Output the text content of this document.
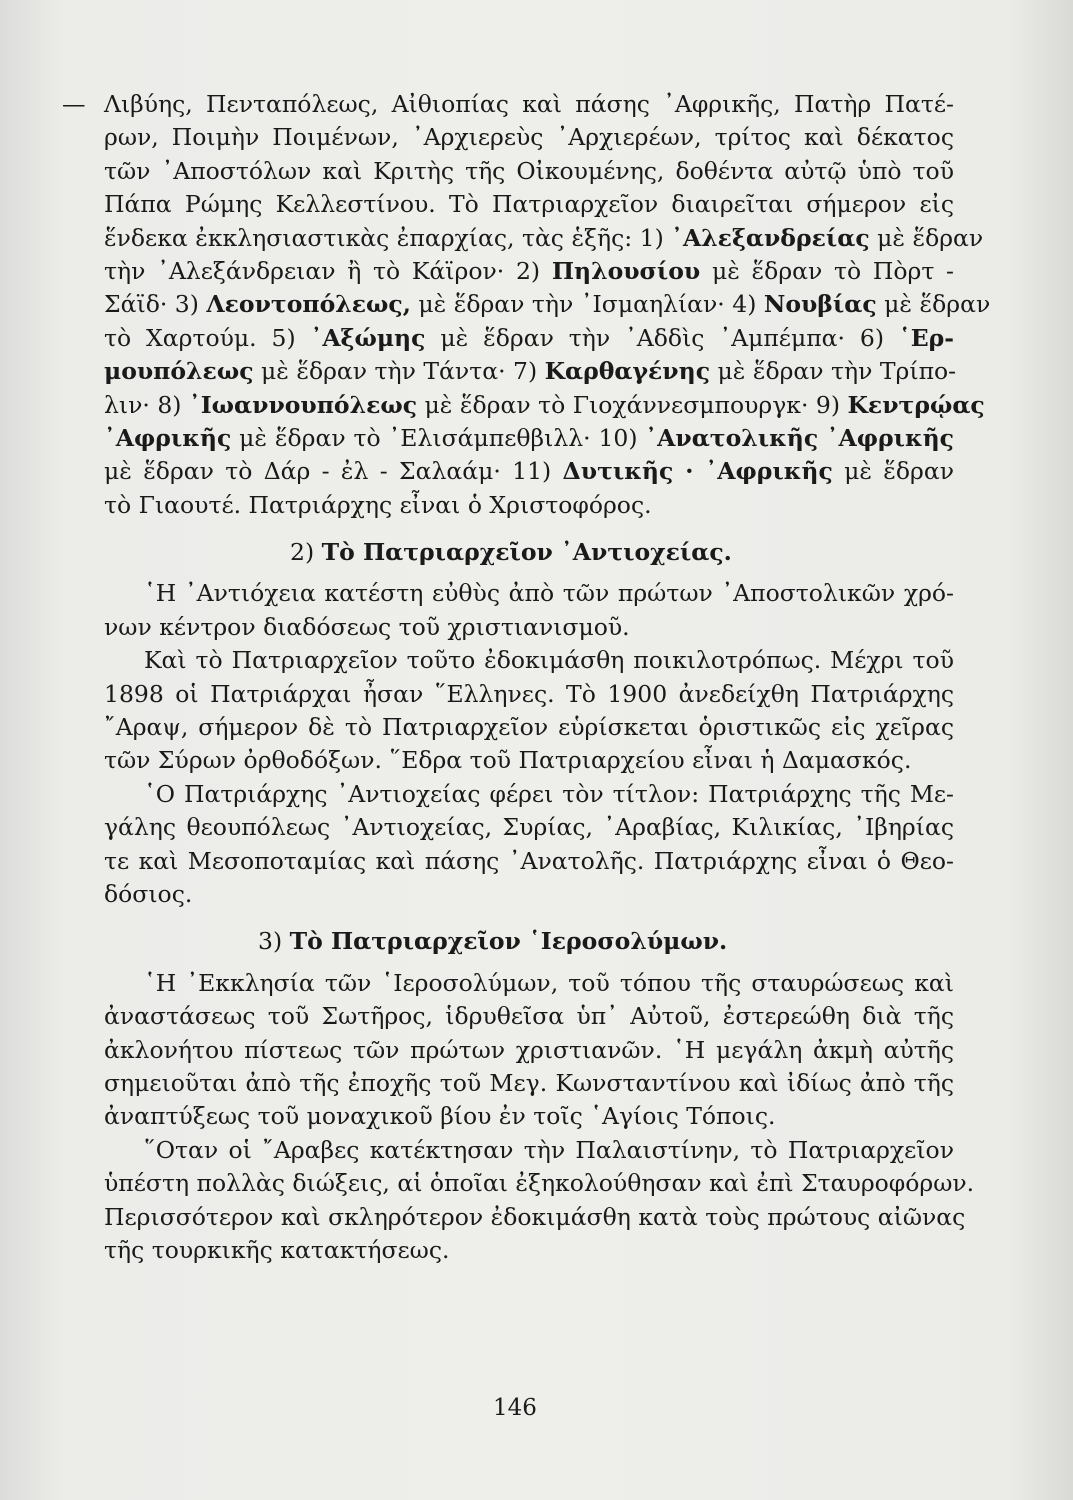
— Λιβύης, Πενταπόλεως, Αἰθιοπίας καὶ πάσης ᾿Αφρικῆς, Πατὴρ Πατέ-
ρων, Ποιμὴν Ποιμένων, ᾿Αρχιερεὺς ᾿Αρχιερέων, τρίτος καὶ δέκατος
τῶν ᾿Αποστόλων καὶ Κριτὴς τῆς Οἰκουμένης, δοθέντα αὐτῷ ὑπὸ τοῦ
Πάπα Ρώμης Κελλεστίνου. Τὸ Πατριαρχεῖον διαιρεῖται σήμερον εἰς
ἕνδεκα ἐκκλησιαστικὰς ἐπαρχίας, τὰς ἑξῆς: 1) ᾿Αλεξανδρείας μὲ ἕδραν
τὴν ᾿Αλεξάνδρειαν ἢ τὸ Κάϊρον· 2) Πηλουσίου μὲ ἕδραν τὸ Πὸρτ -
Σάϊδ· 3) Λεοντοπόλεως, μὲ ἕδραν τὴν ᾿Ισμαηλίαν· 4) Νουβίας μὲ ἕδραν
τὸ Χαρτούμ. 5) ᾿Αξώμης μὲ ἕδραν τὴν ᾿Αδδὶς ᾿Αμπέμπα· 6) ῾Ερ-
μουπόλεως μὲ ἕδραν τὴν Τάντα· 7) Καρθαγένης μὲ ἕδραν τὴν Τρίπο-
λιν· 8) ᾿Ιωαννουπόλεως μὲ ἕδραν τὸ Γιοχάννεσμπουργκ· 9) Κεντρῴας
᾿Αφρικῆς μὲ ἕδραν τὸ ᾿Ελισάμπεθβιλλ· 10) ᾿Ανατολικῆς ᾿Αφρικῆς
μὲ ἕδραν τὸ Δάρ - ἐλ - Σαλαάμ· 11) Δυτικῆς · ᾿Αφρικῆς μὲ ἕδραν
τὸ Γιαουτέ. Πατριάρχης εἶναι ὁ Χριστοφόρος.
2) Τὸ Πατριαρχεῖον ᾿Αντιοχείας.
῾Η ᾿Αντιόχεια κατέστη εὐθὺς ἀπὸ τῶν πρώτων ᾿Αποστολικῶν χρό-
νων κέντρον διαδόσεως τοῦ χριστιανισμοῦ.
Καὶ τὸ Πατριαρχεῖον τοῦτο ἐδοκιμάσθη ποικιλοτρόπως. Μέχρι τοῦ
1898 οἱ Πατριάρχαι ἦσαν ῞Ελληνες. Τὸ 1900 ἀνεδείχθη Πατριάρχης
῎Αραψ, σήμερον δὲ τὸ Πατριαρχεῖον εὑρίσκεται ὁριστικῶς εἰς χεῖρας
τῶν Σύρων ὀρθοδόξων. ῞Εδρα τοῦ Πατριαρχείου εἶναι ἡ Δαμασκός.
῾Ο Πατριάρχης ᾿Αντιοχείας φέρει τὸν τίτλον: Πατριάρχης τῆς Με-
γάλης θεουπόλεως ᾿Αντιοχείας, Συρίας, ᾿Αραβίας, Κιλικίας, ᾿Ιβηρίας
τε καὶ Μεσοποταμίας καὶ πάσης ᾿Ανατολῆς. Πατριάρχης εἶναι ὁ Θεο-
δόσιος.
3) Τὸ Πατριαρχεῖον ῾Ιεροσολύμων.
῾Η ᾿Εκκλησία τῶν ῾Ιεροσολύμων, τοῦ τόπου τῆς σταυρώσεως καὶ
ἀναστάσεως τοῦ Σωτῆρος, ἱδρυθεῖσα ὑπ᾿ Αὐτοῦ, ἐστερεώθη διὰ τῆς
ἀκλονήτου πίστεως τῶν πρώτων χριστιανῶν. ῾Η μεγάλη ἀκμὴ αὐτῆς
σημειοῦται ἀπὸ τῆς ἐποχῆς τοῦ Μεγ. Κωνσταντίνου καὶ ἰδίως ἀπὸ τῆς
ἀναπτύξεως τοῦ μοναχικοῦ βίου ἐν τοῖς ῾Αγίοις Τόποις.
῞Οταν οἱ ῎Αραβες κατέκτησαν τὴν Παλαιστίνην, τὸ Πατριαρχεῖον
ὑπέστη πολλὰς διώξεις, αἱ ὁποῖαι ἐξηκολούθησαν καὶ ἐπὶ Σταυροφόρων.
Περισσότερον καὶ σκληρότερον ἐδοκιμάσθη κατὰ τοὺς πρώτους αἰῶνας
τῆς τουρκικῆς κατακτήσεως.
146
